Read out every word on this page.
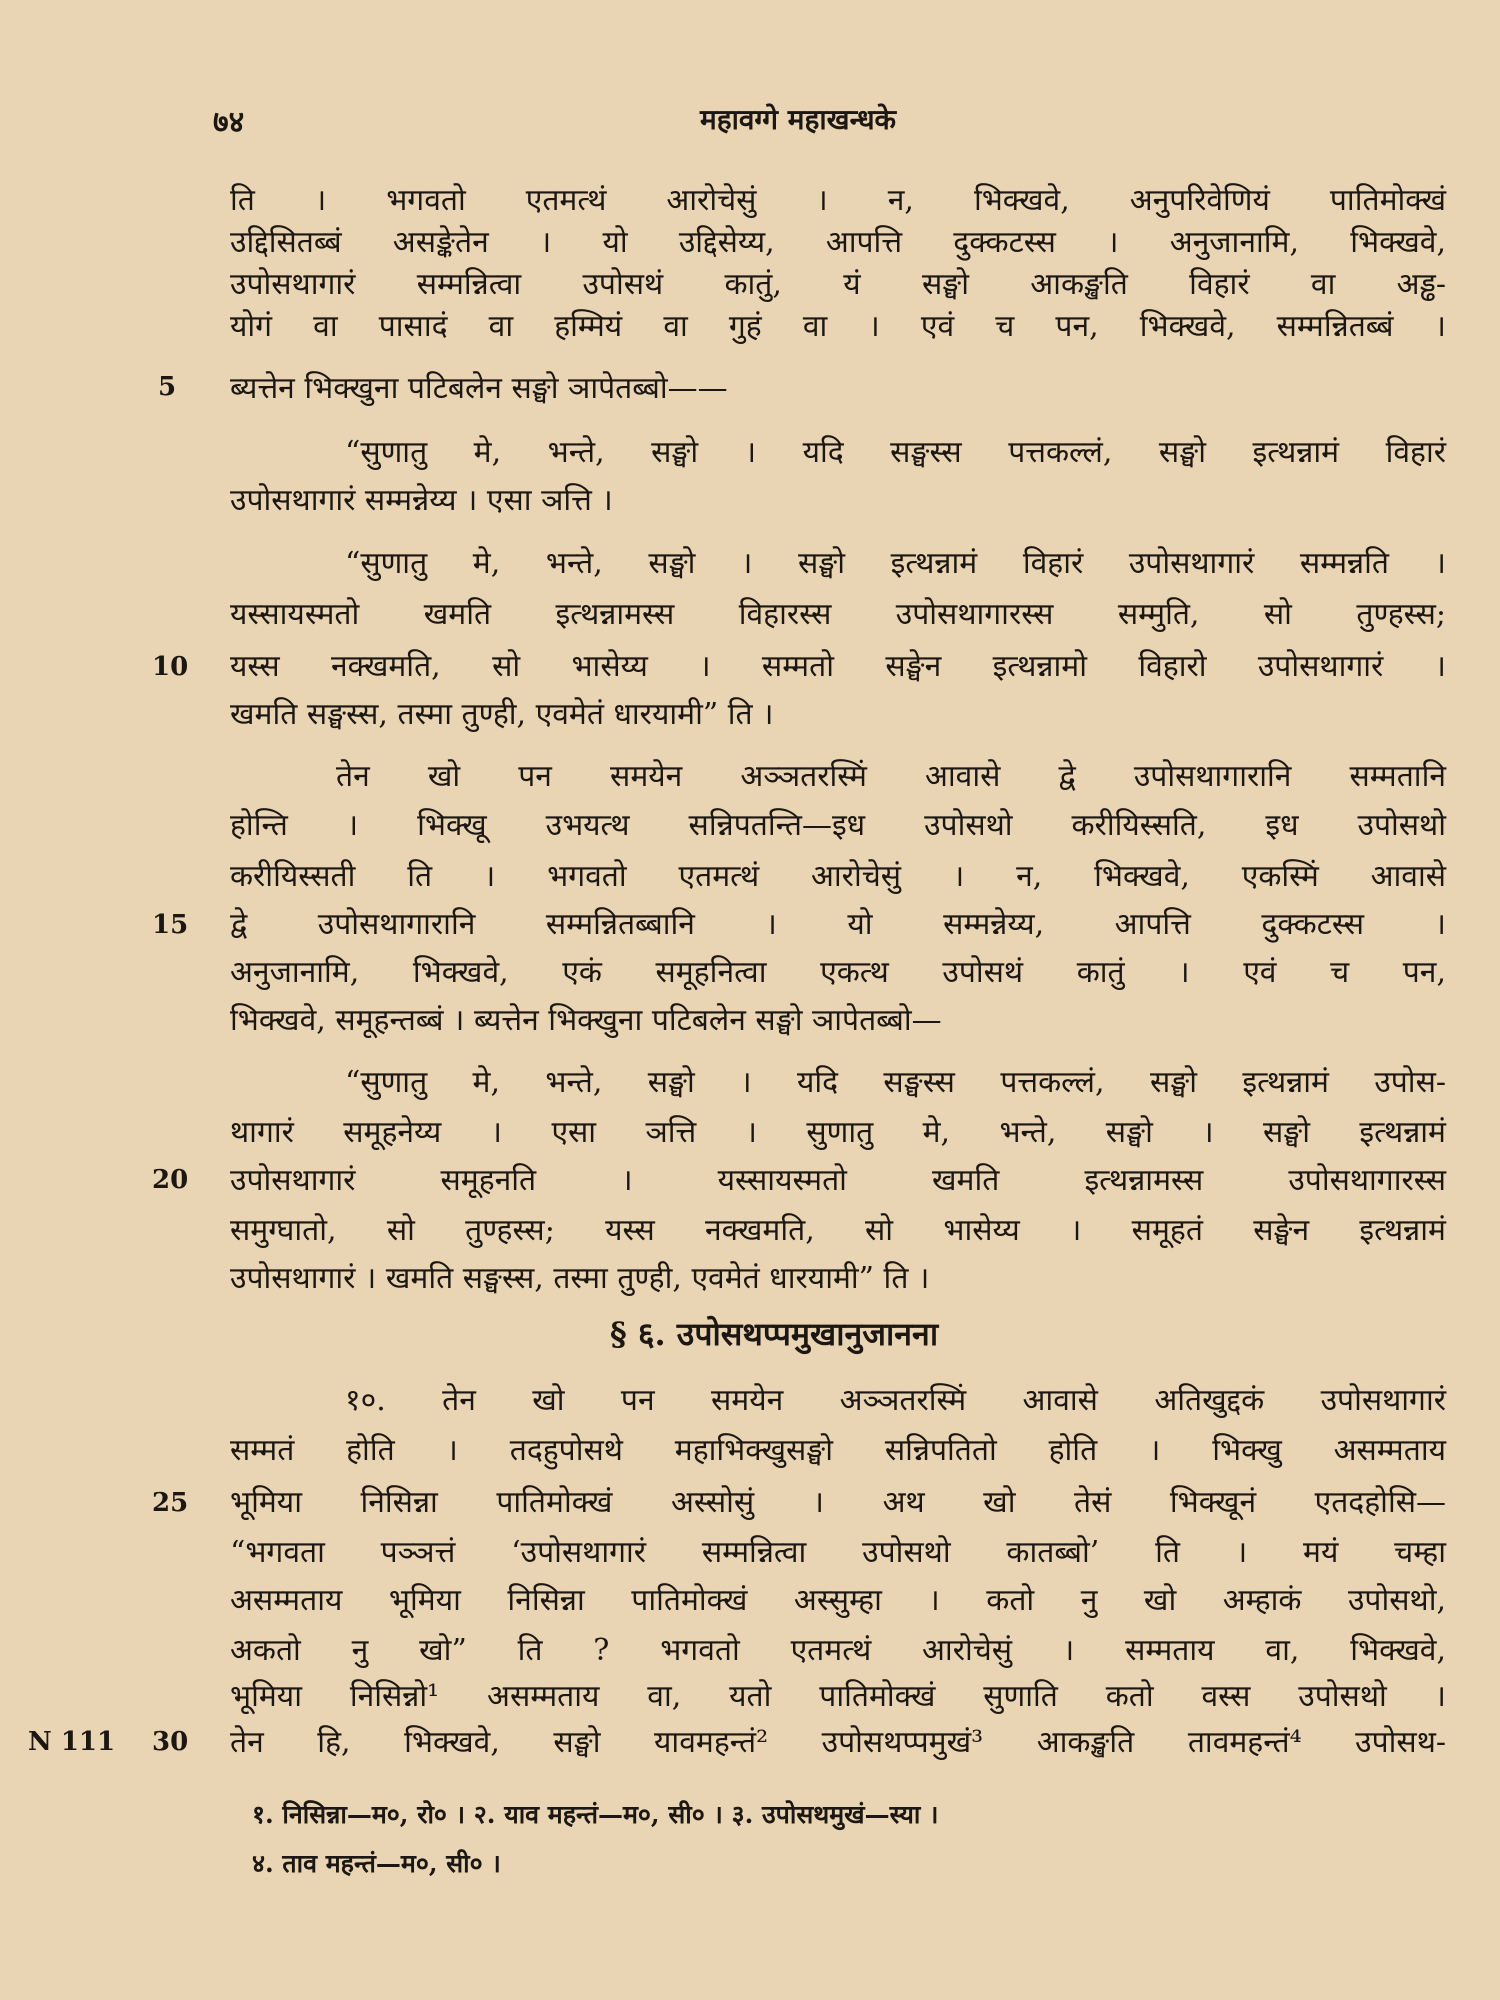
७४	महावग्गे महाखन्धके
5
10
15
20
25
30
N 111
ति । भगवतो एतमत्थं आरोचेसुं । न, भिक्खवे, अनुपरिवेणियं पातिमोक्खं
उद्दिसितब्बं असङ्केतेन । यो उद्दिसेय्य, आपत्ति दुक्कटस्स । अनुजानामि, भिक्खवे,
उपोसथागारं सम्मन्नित्वा उपोसथं कातुं, यं सङ्घो आकङ्खति विहारं वा अड्ढ-
योगं वा पासादं वा हम्मियं वा गुहं वा । एवं च पन, भिक्खवे, सम्मन्नितब्बं ।
ब्यत्तेन भिक्खुना पटिबलेन सङ्घो ञापेतब्बो——
“सुणातु मे, भन्ते, सङ्घो । यदि सङ्घस्स पत्तकल्लं, सङ्घो इत्थन्नामं विहारं
उपोसथागारं सम्मन्नेय्य । एसा ञत्ति ।
“सुणातु मे, भन्ते, सङ्घो । सङ्घो इत्थन्नामं विहारं उपोसथागारं सम्मन्नति ।
यस्सायस्मतो खमति इत्थन्नामस्स विहारस्स उपोसथागारस्स सम्मुति, सो तुण्हस्स;
यस्स नक्खमति, सो भासेय्य । सम्मतो सङ्घेन इत्थन्नामो विहारो उपोसथागारं ।
खमति सङ्घस्स, तस्मा तुण्ही, एवमेतं धारयामी” ति ।
तेन खो पन समयेन अञ्ञतरस्मिं आवासे द्वे उपोसथागारानि सम्मतानि
होन्ति । भिक्खू उभयत्थ सन्निपतन्ति—इध उपोसथो करीयिस्सति, इध उपोसथो
करीयिस्सती ति । भगवतो एतमत्थं आरोचेसुं । न, भिक्खवे, एकस्मिं आवासे
द्वे उपोसथागारानि सम्मन्नितब्बानि । यो सम्मन्नेय्य, आपत्ति दुक्कटस्स ।
अनुजानामि, भिक्खवे, एकं समूहनित्वा एकत्थ उपोसथं कातुं । एवं च पन,
भिक्खवे, समूहन्तब्बं । ब्यत्तेन भिक्खुना पटिबलेन सङ्घो ञापेतब्बो—
“सुणातु मे, भन्ते, सङ्घो । यदि सङ्घस्स पत्तकल्लं, सङ्घो इत्थन्नामं उपोस-
थागारं समूहनेय्य । एसा ञत्ति । सुणातु मे, भन्ते, सङ्घो । सङ्घो इत्थन्नामं
उपोसथागारं समूहनति । यस्सायस्मतो खमति इत्थन्नामस्स उपोसथागारस्स
समुग्घातो, सो तुण्हस्स; यस्स नक्खमति, सो भासेय्य । समूहतं सङ्घेन इत्थन्नामं
उपोसथागारं । खमति सङ्घस्स, तस्मा तुण्ही, एवमेतं धारयामी” ति ।
§ ६. उपोसथप्पमुखानुजानना
१०. तेन खो पन समयेन अञ्ञतरस्मिं आवासे अतिखुद्दकं उपोसथागारं
सम्मतं होति । तदहुपोसथे महाभिक्खुसङ्घो सन्निपतितो होति । भिक्खु असम्मताय
भूमिया निसिन्ना पातिमोक्खं अस्सोसुं । अथ खो तेसं भिक्खूनं एतदहोसि—
“भगवता पञ्ञत्तं ‘उपोसथागारं सम्मन्नित्वा उपोसथो कातब्बो’ ति । मयं चम्हा
असम्मताय भूमिया निसिन्ना पातिमोक्खं अस्सुम्हा । कतो नु खो अम्हाकं उपोसथो,
अकतो नु खो” ति ? भगवतो एतमत्थं आरोचेसुं । सम्मताय वा, भिक्खवे,
भूमिया निसिन्नो¹ असम्मताय वा, यतो पातिमोक्खं सुणाति कतो वस्स उपोसथो ।
तेन हि, भिक्खवे, सङ्घो यावमहन्तं² उपोसथप्पमुखं³ आकङ्खति तावमहन्तं⁴ उपोसथ-
१. निसिन्ना—म०, रो० । २. याव महन्तं—म०, सी० । ३. उपोसथमुखं—स्या ।
४. ताव महन्तं—म०, सी० ।
